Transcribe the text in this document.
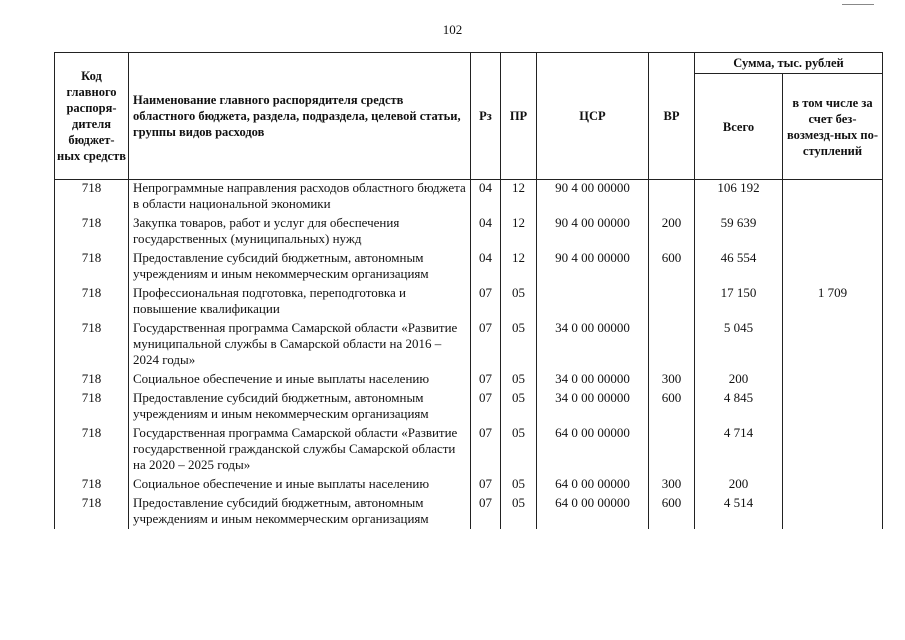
102
Код главного распоря-дителя бюджет-ных средств	Наименование главного распорядителя средств областного бюджета, раздела, подраздела, целевой статьи, группы видов расходов	Рз	ПР	ЦСР	ВР	Сумма, тыс. рублей	
						Всего	в том числе за счет без-возмезд-ных по-ступлений
718	Непрограммные направления расходов областного бюджета в области национальной экономики	04	12	90 4 00 00000		106 192	
718	Закупка товаров, работ и услуг для обеспечения государственных (муниципальных) нужд	04	12	90 4 00 00000	200	59 639	
718	Предоставление субсидий бюджетным, автономным учреждениям и иным некоммерческим организациям	04	12	90 4 00 00000	600	46 554	
718	Профессиональная подготовка, переподготовка и повышение квалификации	07	05			17 150	1 709
718	Государственная программа Самарской области «Развитие муниципальной службы в Самарской области на 2016 – 2024 годы»	07	05	34 0 00 00000		5 045	
718	Социальное обеспечение и иные выплаты населению	07	05	34 0 00 00000	300	200	
718	Предоставление субсидий бюджетным, автономным учреждениям и иным некоммерческим организациям	07	05	34 0 00 00000	600	4 845	
718	Государственная программа Самарской области «Развитие государственной гражданской службы Самарской области на 2020 – 2025 годы»	07	05	64 0 00 00000		4 714	
718	Социальное обеспечение и иные выплаты населению	07	05	64 0 00 00000	300	200	
718	Предоставление субсидий бюджетным, автономным учреждениям и иным некоммерческим организациям	07	05	64 0 00 00000	600	4 514	
